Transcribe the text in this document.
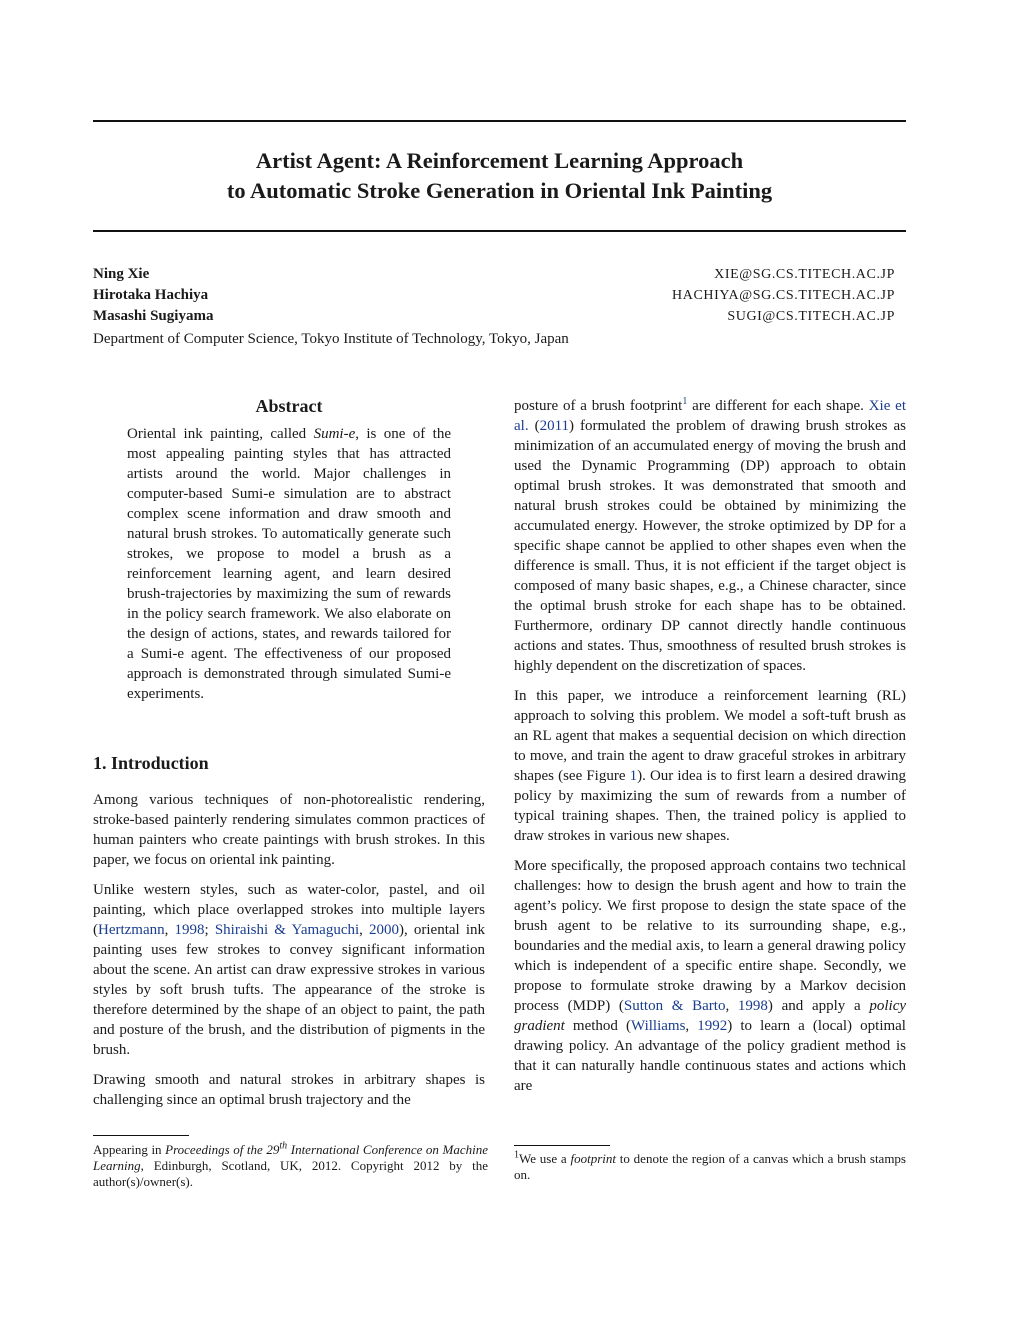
Artist Agent: A Reinforcement Learning Approach
to Automatic Stroke Generation in Oriental Ink Painting
Ning Xie	XIE@SG.CS.TITECH.AC.JP
Hirotaka Hachiya	HACHIYA@SG.CS.TITECH.AC.JP
Masashi Sugiyama	SUGI@CS.TITECH.AC.JP
Department of Computer Science, Tokyo Institute of Technology, Tokyo, Japan
Abstract

Oriental ink painting, called Sumi-e, is one of the most appealing painting styles that has attracted artists around the world. Major challenges in computer-based Sumi-e simulation are to abstract complex scene information and draw smooth and natural brush strokes. To automatically generate such strokes, we propose to model a brush as a reinforcement learning agent, and learn desired brush-trajectories by maximizing the sum of rewards in the policy search framework. We also elaborate on the design of actions, states, and rewards tailored for a Sumi-e agent. The effectiveness of our proposed approach is demonstrated through simulated Sumi-e experiments.

1. Introduction

Among various techniques of non-photorealistic rendering, stroke-based painterly rendering simulates common practices of human painters who create paintings with brush strokes. In this paper, we focus on oriental ink painting.

Unlike western styles, such as water-color, pastel, and oil painting, which place overlapped strokes into multiple layers (Hertzmann, 1998; Shiraishi & Yamaguchi, 2000), oriental ink painting uses few strokes to convey significant information about the scene. An artist can draw expressive strokes in various styles by soft brush tufts. The appearance of the stroke is therefore determined by the shape of an object to paint, the path and posture of the brush, and the distribution of pigments in the brush.

Drawing smooth and natural strokes in arbitrary shapes is challenging since an optimal brush trajectory and the

posture of a brush footprint$^1$ are different for each shape. Xie et al. (2011) formulated the problem of drawing brush strokes as minimization of an accumulated energy of moving the brush and used the Dynamic Programming (DP) approach to obtain optimal brush strokes. It was demonstrated that smooth and natural brush strokes could be obtained by minimizing the accumulated energy. However, the stroke optimized by DP for a specific shape cannot be applied to other shapes even when the difference is small. Thus, it is not efficient if the target object is composed of many basic shapes, e.g., a Chinese character, since the optimal brush stroke for each shape has to be obtained. Furthermore, ordinary DP cannot directly handle continuous actions and states. Thus, smoothness of resulted brush strokes is highly dependent on the discretization of spaces.

In this paper, we introduce a reinforcement learning (RL) approach to solving this problem. We model a soft-tuft brush as an RL agent that makes a sequential decision on which direction to move, and train the agent to draw graceful strokes in arbitrary shapes (see Figure 1). Our idea is to first learn a desired drawing policy by maximizing the sum of rewards from a number of typical training shapes. Then, the trained policy is applied to draw strokes in various new shapes.

More specifically, the proposed approach contains two technical challenges: how to design the brush agent and how to train the agent’s policy. We first propose to design the state space of the brush agent to be relative to its surrounding shape, e.g., boundaries and the medial axis, to learn a general drawing policy which is independent of a specific entire shape. Secondly, we propose to formulate stroke drawing by a Markov decision process (MDP) (Sutton & Barto, 1998) and apply a policy gradient method (Williams, 1992) to learn a (local) optimal drawing policy. An advantage of the policy gradient method is that it can naturally handle continuous states and actions which are

Appearing in Proceedings of the 29th International Conference on Machine Learning, Edinburgh, Scotland, UK, 2012. Copyright 2012 by the author(s)/owner(s).
$^1$We use a footprint to denote the region of a canvas which a brush stamps on.
